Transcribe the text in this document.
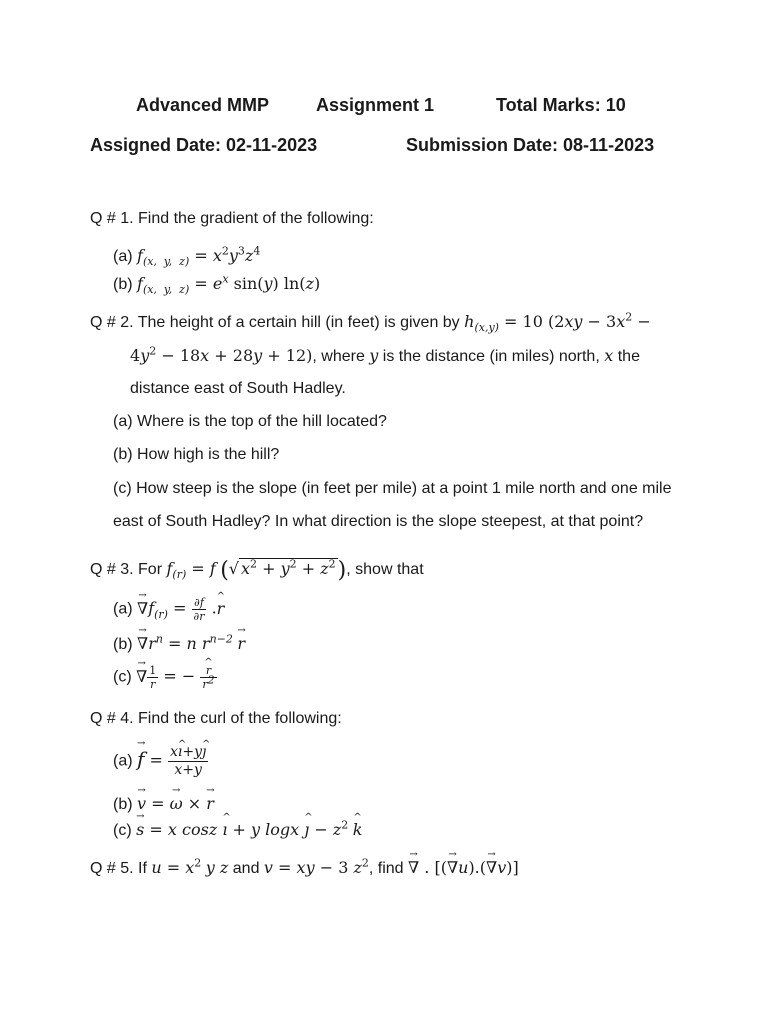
Advanced MMP	Assignment 1	Total Marks: 10
Assigned Date: 02-11-2023	Submission Date: 08-11-2023
Q # 1. Find the gradient of the following:
(a) $f_{(x, y, z)} = x^2y^3z^4$
(b) $f_{(x, y, z)} = e^x$ sin(y) ln(z)
Q # 2. The height of a certain hill (in feet) is given by $h_{(x,y)} = 10$ ($2xy - 3x^2$ −
$4y^2 - 18x + 28y + 12$), where y is the distance (in miles) north, x the
distance east of South Hadley.
(a) Where is the top of the hill located?
(b) How high is the hill?
(c) How steep is the slope (in feet per mile) at a point 1 mile north and one mile
east of South Hadley? In what direction is the slope steepest, at that point?
Q # 3. For $f_{(r)} = f$ (√ $x^2 + y^2 + z^2$), show that
$(a) \to \nabla f_{(r)} = \frac{\partial f}{\partial r}$ .^ r
$(b) \to \nabla r^n = n$ $r^{n-2} \to r$
(c) → ∇ $\frac{1}{r}$ = − ^ $\frac{r}{r^2}$
Q # 4. Find the curl of the following:
$(a) \to f = \frac{x\^{} ı+y\^{} ȷ}{x+y}$
(b) → v = → ω × → r
(c) → s = x cosz ^ ı + y logx ^ ȷ − $z^2$ ^ k
Q # 5. If $u = x^2$ y z and v = xy − 3 $z^2$, find → ∇ . [(→ ∇u).(→ ∇v)]
